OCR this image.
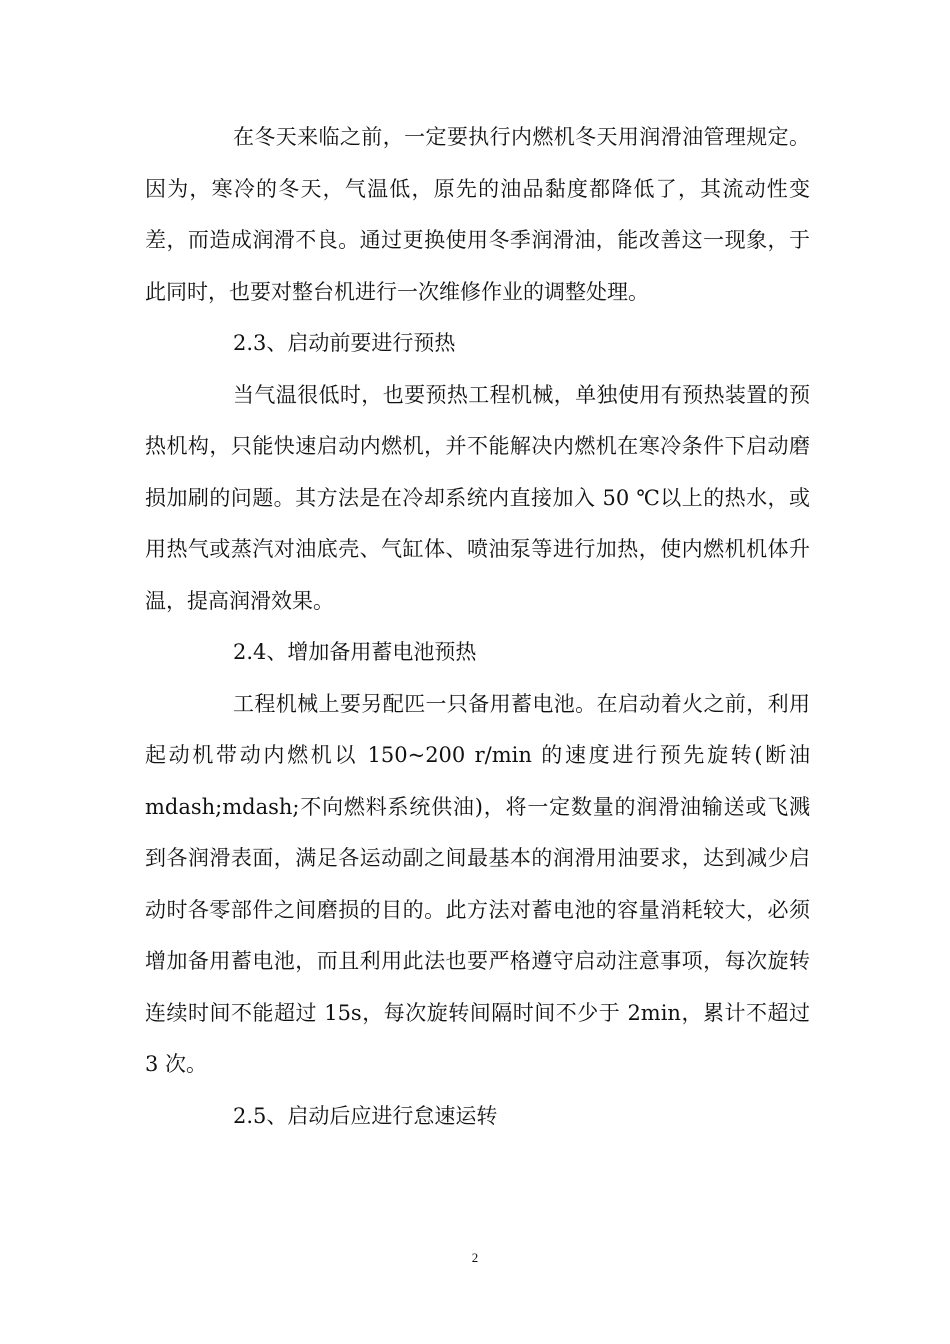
在冬天来临之前，一定要执行内燃机冬天用润滑油管理规定。因为，寒冷的冬天，气温低，原先的油品黏度都降低了，其流动性变差，而造成润滑不良。通过更换使用冬季润滑油，能改善这一现象，于此同时，也要对整台机进行一次维修作业的调整处理。

2.3、启动前要进行预热

当气温很低时，也要预热工程机械，单独使用有预热装置的预热机构，只能快速启动内燃机，并不能解决内燃机在寒冷条件下启动磨损加刷的问题。其方法是在冷却系统内直接加入 50 ℃以上的热水，或用热气或蒸汽对油底壳、气缸体、喷油泵等进行加热，使内燃机机体升温，提高润滑效果。

2.4、增加备用蓄电池预热

工程机械上要另配匹一只备用蓄电池。在启动着火之前，利用起动机带动内燃机以 150~200 r/min 的速度进行预先旋转(断油mdash;mdash;不向燃料系统供油)，将一定数量的润滑油输送或飞溅到各润滑表面，满足各运动副之间最基本的润滑用油要求，达到减少启动时各零部件之间磨损的目的。此方法对蓄电池的容量消耗较大，必须增加备用蓄电池，而且利用此法也要严格遵守启动注意事项，每次旋转连续时间不能超过 15s，每次旋转间隔时间不少于 2min，累计不超过 3 次。

2.5、启动后应进行怠速运转

2
